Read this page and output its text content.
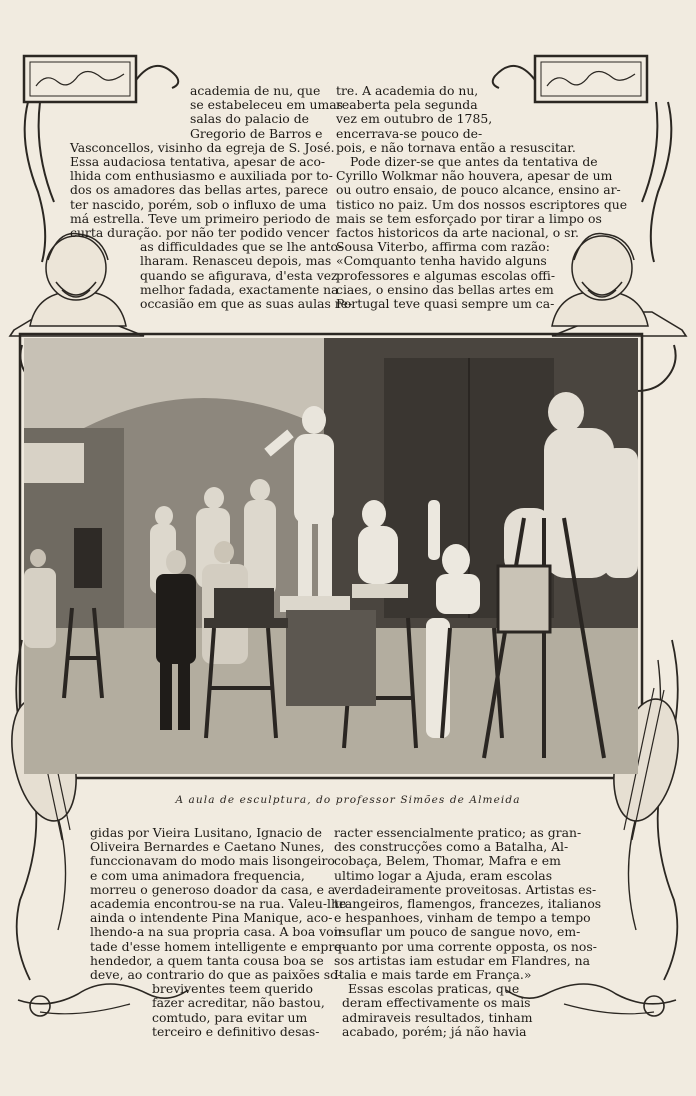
academia de nu, que
se estabeleceu em umas
salas do palacio de
Gregorio de Barros e
Vasconcellos, visinho da egreja de S. José.
Essa audaciosa tentativa, apesar de aco-
lhida com enthusiasmo e auxiliada por to-
dos os amadores das bellas artes, parece
ter nascido, porém, sob o influxo de uma
má estrella. Teve um primeiro periodo de
curta duração. por não ter podido vencer
as difficuldades que se lhe anto-
lharam. Renasceu depois, mas
quando se afigurava, d'esta vez
melhor fadada, exactamente na
occasião em que as suas aulas re-
tre. A academia do nu,
reaberta pela segunda
vez em outubro de 1785,
encerrava-se pouco de-
pois, e não tornava então a resuscitar.
Pode dizer-se que antes da tentativa de
Cyrillo Wolkmar não houvera, apesar de um
ou outro ensaio, de pouco alcance, ensino ar-
tistico no paiz. Um dos nossos escriptores que
mais se tem esforçado por tirar a limpo os
factos historicos da arte nacional, o sr.
Sousa Viterbo, affirma com razão:
«Comquanto tenha havido alguns
professores e algumas escolas offi-
ciaes, o ensino das bellas artes em
Portugal teve quasi sempre um ca-
A aula de esculptura, do professor Simões de Almeida
gidas por Vieira Lusitano, Ignacio de
Oliveira Bernardes e Caetano Nunes,
funccionavam do modo mais lisongeiro
e com uma animadora frequencia,
morreu o generoso doador da casa, e a
academia encontrou-se na rua. Valeu-lhe
ainda o intendente Pina Manique, aco-
lhendo-a na sua propria casa. A boa von-
tade d'esse homem intelligente e empre-
hendedor, a quem tanta cousa boa se
deve, ao contrario do que as paixões so-
breviventes teem querido
fazer acreditar, não bastou,
comtudo, para evitar um
terceiro e definitivo desas-
racter essencialmente pratico; as gran-
des construcções como a Batalha, Al-
cobaça, Belem, Thomar, Mafra e em
ultimo logar a Ajuda, eram escolas
verdadeiramente proveitosas. Artistas es-
trangeiros, flamengos, francezes, italianos
e hespanhoes, vinham de tempo a tempo
insuflar um pouco de sangue novo, em-
quanto por uma corrente opposta, os nos-
sos artistas iam estudar em Flandres, na
Italia e mais tarde em França.»
Essas escolas praticas, que
deram effectivamente os mais
admiraveis resultados, tinham
acabado, porém; já não havia
